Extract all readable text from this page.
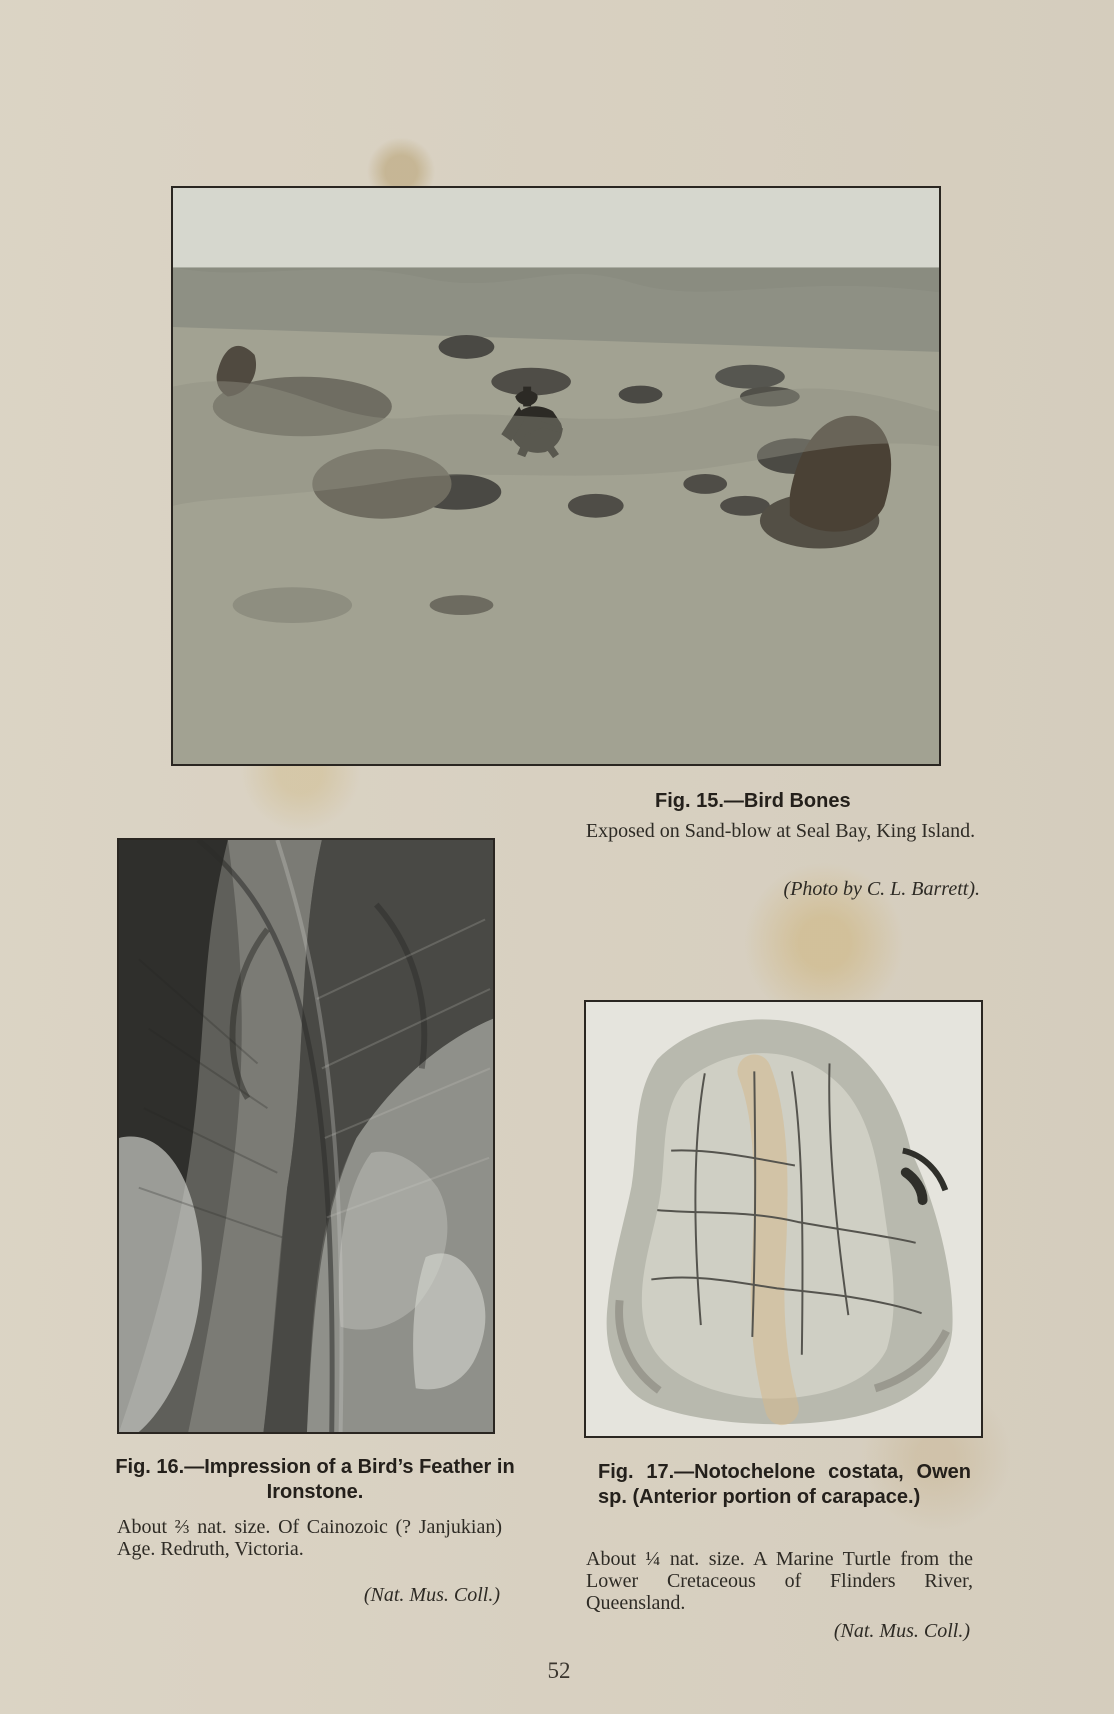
Fig. 15.—Bird Bones

Exposed on Sand-blow at Seal Bay, King Island.

(Photo by C. L. Barrett).

Fig. 16.—Impression of a Bird’s Feather in Ironstone.

About ⅔ nat. size. Of Cainozoic (? Janjukian) Age. Redruth, Victoria.

(Nat. Mus. Coll.)

Fig. 17.—Notochelone costata, Owen sp. (Anterior portion of carapace.)

About ¼ nat. size. A Marine Turtle from the Lower Cretaceous of Flinders River, Queensland.

(Nat. Mus. Coll.)

52
